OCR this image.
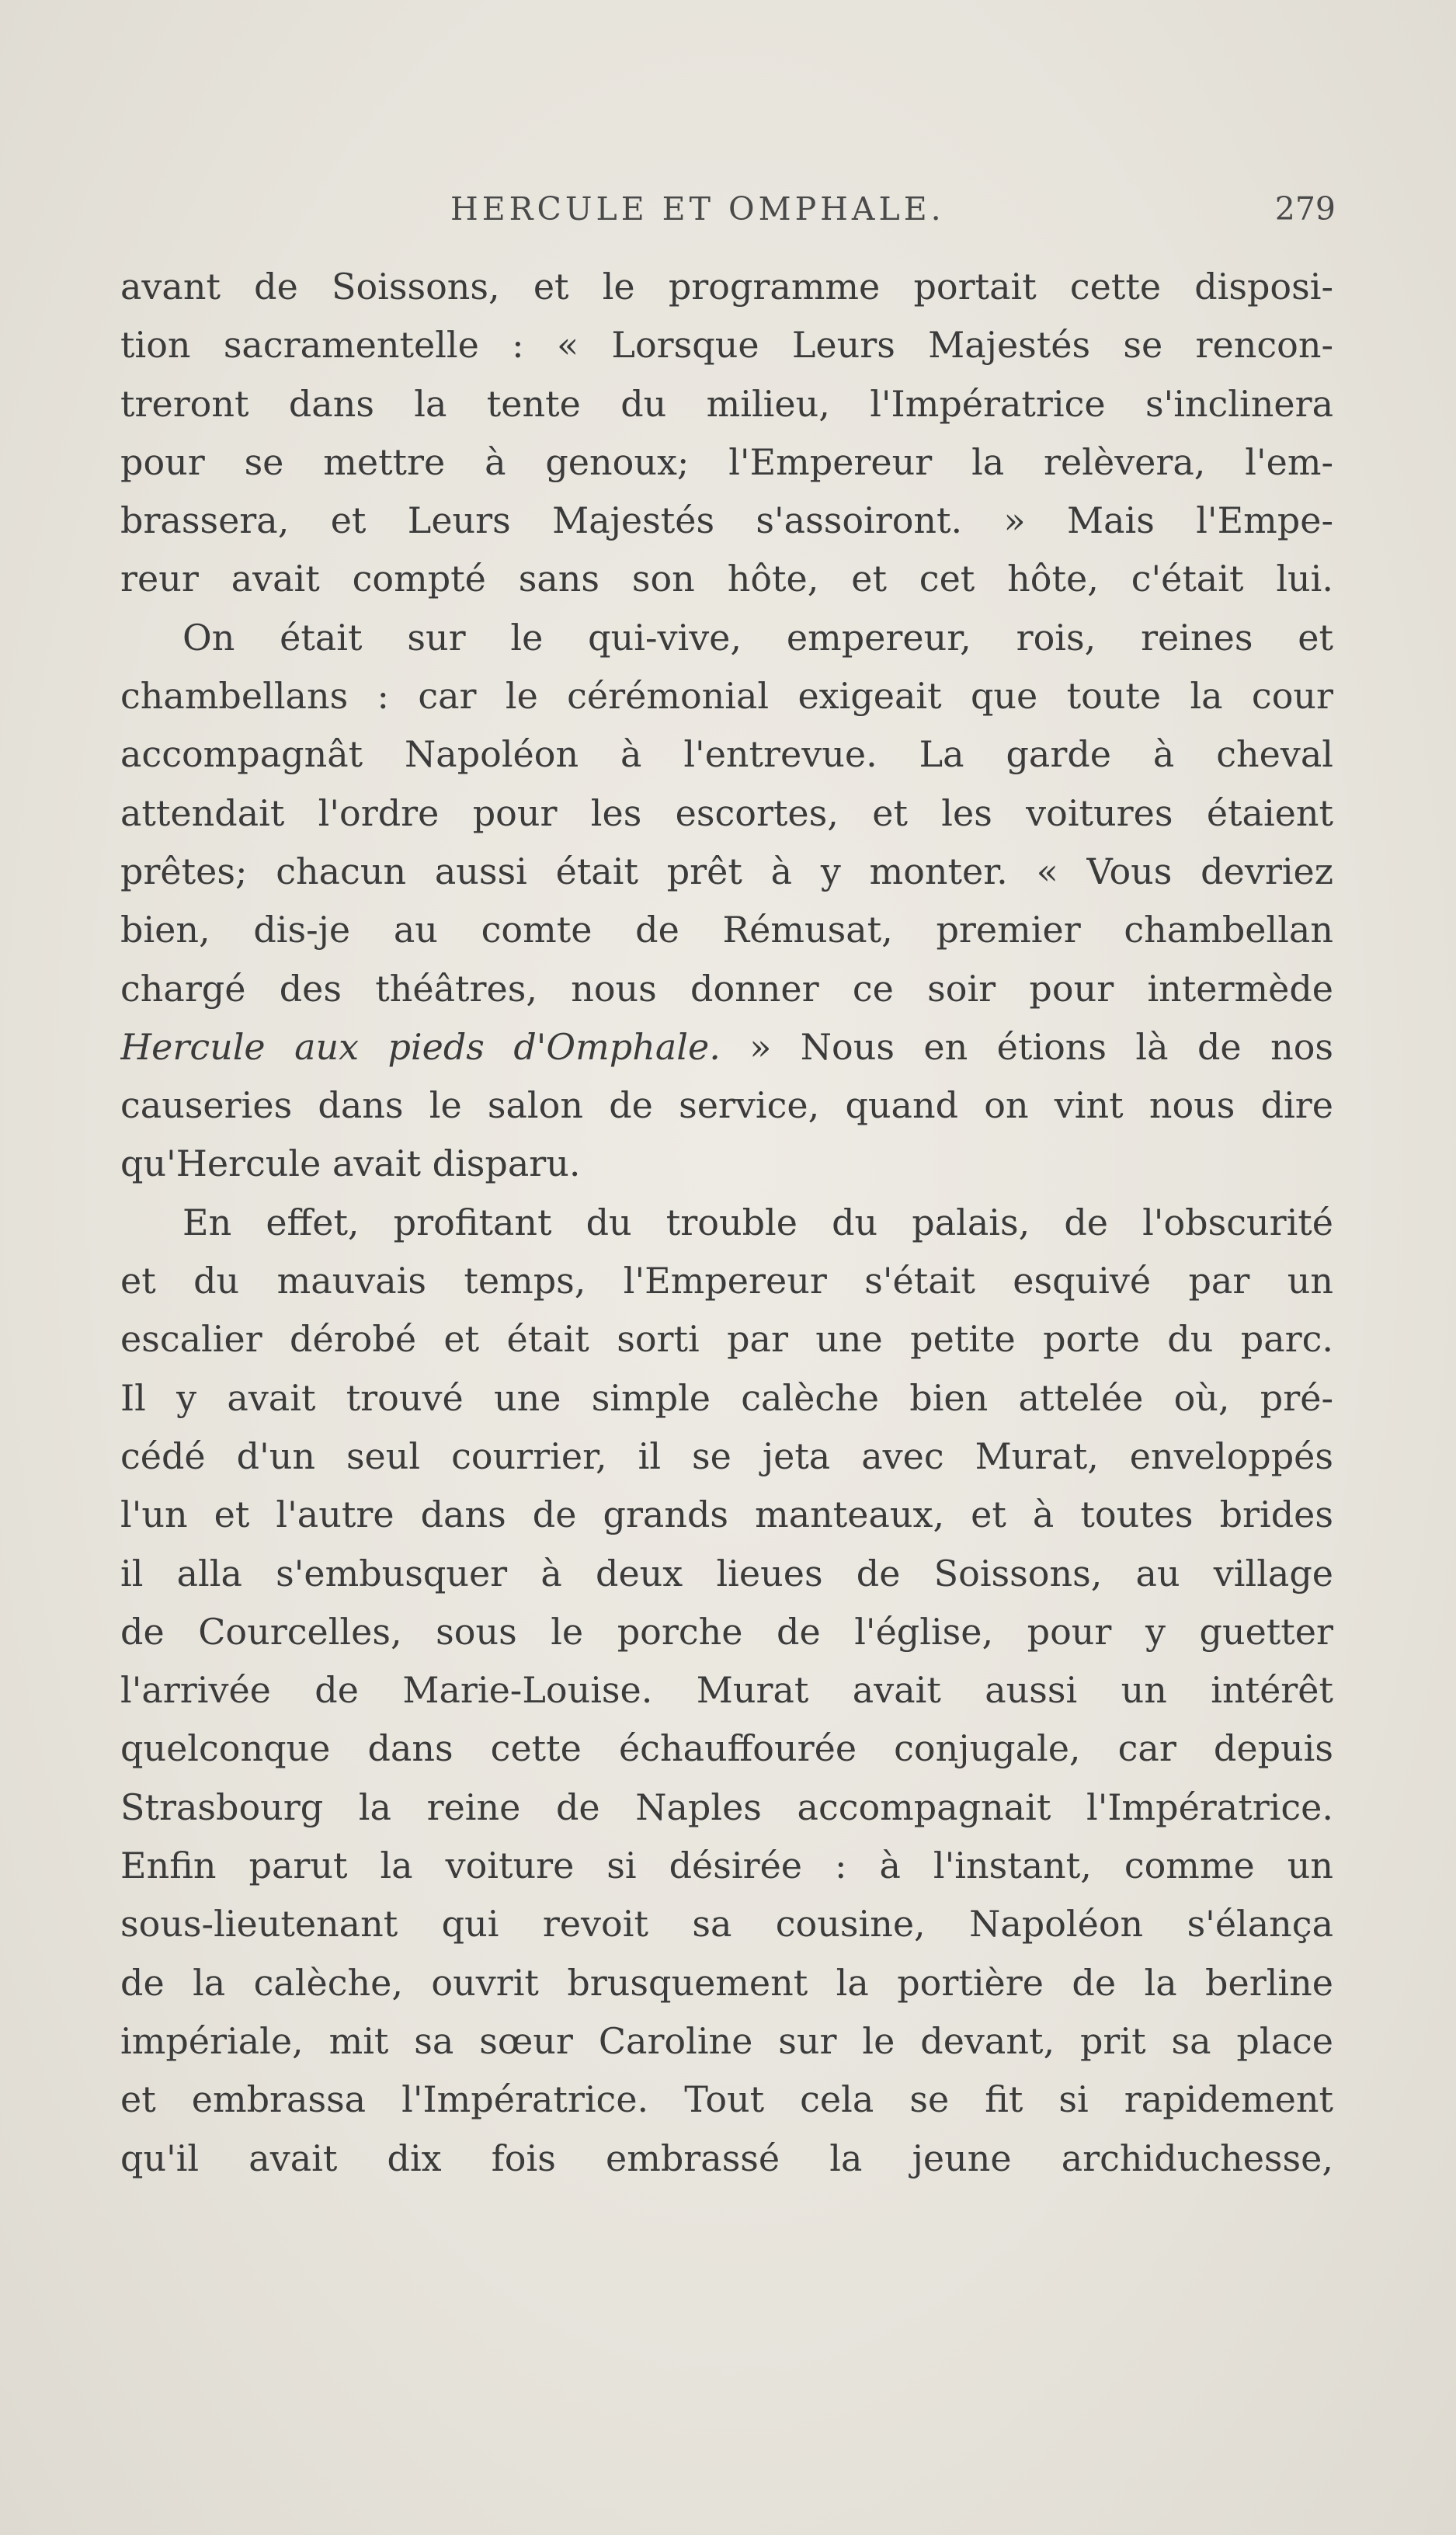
HERCULE ET OMPHALE.	279
avant de Soissons, et le programme portait cette disposi-
tion sacramentelle : « Lorsque Leurs Majestés se rencon-
treront dans la tente du milieu, l'Impératrice s'inclinera
pour se mettre à genoux; l'Empereur la relèvera, l'em-
brassera, et Leurs Majestés s'assoiront. » Mais l'Empe-
reur avait compté sans son hôte, et cet hôte, c'était lui.
On était sur le qui-vive, empereur, rois, reines et
chambellans : car le cérémonial exigeait que toute la cour
accompagnât Napoléon à l'entrevue. La garde à cheval
attendait l'ordre pour les escortes, et les voitures étaient
prêtes; chacun aussi était prêt à y monter. « Vous devriez
bien, dis-je au comte de Rémusat, premier chambellan
chargé des théâtres, nous donner ce soir pour intermède
Hercule aux pieds d'Omphale. » Nous en étions là de nos
causeries dans le salon de service, quand on vint nous dire
qu'Hercule avait disparu.
En effet, profitant du trouble du palais, de l'obscurité
et du mauvais temps, l'Empereur s'était esquivé par un
escalier dérobé et était sorti par une petite porte du parc.
Il y avait trouvé une simple calèche bien attelée où, pré-
cédé d'un seul courrier, il se jeta avec Murat, enveloppés
l'un et l'autre dans de grands manteaux, et à toutes brides
il alla s'embusquer à deux lieues de Soissons, au village
de Courcelles, sous le porche de l'église, pour y guetter
l'arrivée de Marie-Louise. Murat avait aussi un intérêt
quelconque dans cette échauffourée conjugale, car depuis
Strasbourg la reine de Naples accompagnait l'Impératrice.
Enfin parut la voiture si désirée : à l'instant, comme un
sous-lieutenant qui revoit sa cousine, Napoléon s'élança
de la calèche, ouvrit brusquement la portière de la berline
impériale, mit sa sœur Caroline sur le devant, prit sa place
et embrassa l'Impératrice. Tout cela se fit si rapidement
qu'il avait dix fois embrassé la jeune archiduchesse,
